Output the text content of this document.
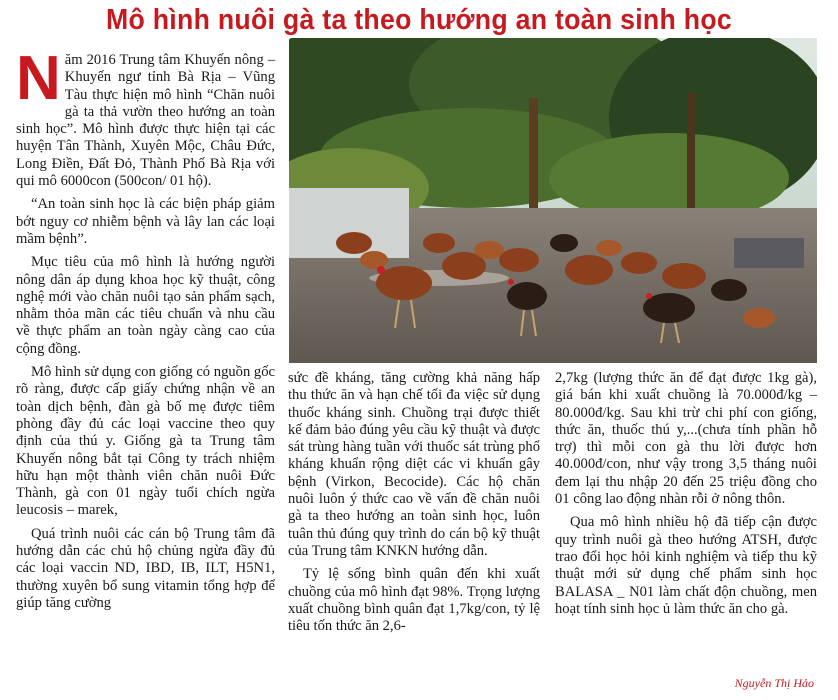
Mô hình nuôi gà ta theo hướng an toàn sinh học

Năm 2016 Trung tâm Khuyến nông – Khuyến ngư tỉnh Bà Rịa – Vũng Tàu thực hiện mô hình “Chăn nuôi gà ta thả vườn theo hướng an toàn sinh học”. Mô hình được thực hiện tại các huyện Tân Thành, Xuyên Mộc, Châu Đức, Long Điền, Đất Đỏ, Thành Phố Bà Rịa với qui mô 6000con (500con/ 01 hộ).

“An toàn sinh học là các biện pháp giảm bớt nguy cơ nhiễm bệnh và lây lan các loại mầm bệnh”.

Mục tiêu của mô hình là hướng người nông dân áp dụng khoa học kỹ thuật, công nghệ mới vào chăn nuôi tạo sản phẩm sạch, nhằm thỏa mãn các tiêu chuẩn và nhu cầu về thực phẩm an toàn ngày càng cao của cộng đồng.

Mô hình sử dụng con giống có nguồn gốc rõ ràng, được cấp giấy chứng nhận về an toàn dịch bệnh, đàn gà bố mẹ được tiêm phòng đầy đủ các loại vaccine theo quy định của thú y. Giống gà ta Trung tâm Khuyến nông bắt tại Công ty trách nhiệm hữu hạn một thành viên chăn nuôi Đức Thành, gà con 01 ngày tuổi chích ngừa leucosis – marek,

Quá trình nuôi các cán bộ Trung tâm đã hướng dẫn các chủ hộ chủng ngừa đầy đủ các loại vaccin ND, IBD, IB, ILT, H5N1, thường xuyên bổ sung vitamin tổng hợp để giúp tăng cường

sức đề kháng, tăng cường khả năng hấp thu thức ăn và hạn chế tối đa việc sử dụng thuốc kháng sinh. Chuồng trại được thiết kế đảm bảo đúng yêu cầu kỹ thuật và được sát trùng hàng tuần với thuốc sát trùng phổ kháng khuẩn rộng diệt các vi khuẩn gây bệnh (Virkon, Becocide). Các hộ chăn nuôi luôn ý thức cao về vấn đề chăn nuôi gà ta theo hướng an toàn sinh học, luôn tuân thủ đúng quy trình do cán bộ kỹ thuật của Trung tâm KNKN hướng dẫn.

Tỷ lệ sống bình quân đến khi xuất chuồng của mô hình đạt 98%. Trọng lượng xuất chuồng bình quân đạt 1,7kg/con, tỷ lệ tiêu tốn thức ăn 2,6-

2,7kg (lượng thức ăn để đạt được 1kg gà), giá bán khi xuất chuồng là 70.000đ/kg – 80.000đ/kg. Sau khi trừ chi phí con giống, thức ăn, thuốc thú y,...(chưa tính phần hỗ trợ) thì mỗi con gà thu lời được hơn 40.000đ/con, như vậy trong 3,5 tháng nuôi đem lại thu nhập 20 đến 25 triệu đồng cho 01 công lao động nhàn rỗi ở nông thôn.

Qua mô hình nhiều hộ đã tiếp cận được quy trình nuôi gà theo hướng ATSH, được trao đổi học hỏi kinh nghiệm và tiếp thu kỹ thuật mới sử dụng chế phẩm sinh học BALASA _ N01 làm chất độn chuồng, men hoạt tính sinh học ủ làm thức ăn cho gà.

Nguyễn Thị Hảo
